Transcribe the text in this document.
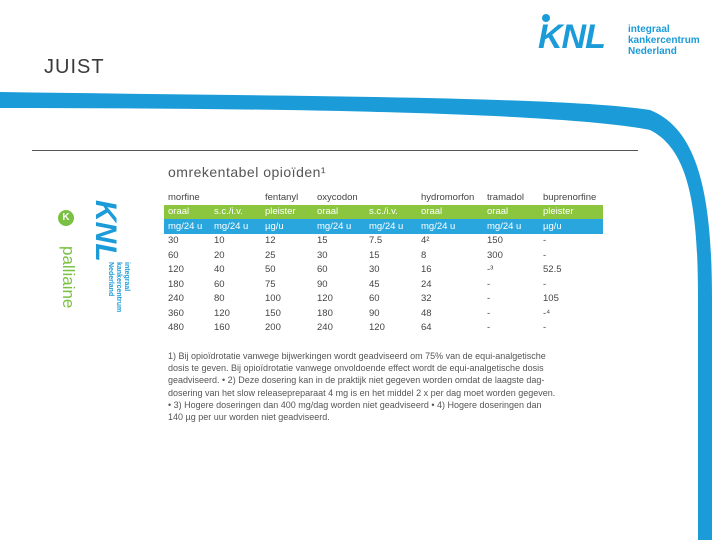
JUIST
KNL integraal
kankercentrum
Nederland
K KNL
integraal
kankercentrum
Nederland
palliaine
omrekentabel opioïden¹
morfine		fentanyl	oxycodon		hydromorfon	tramadol	buprenorfine
oraal	s.c./i.v.	pleister	oraal	s.c./i.v.	oraal	oraal	pleister
mg/24 u	mg/24 u	µg/u	mg/24 u	mg/24 u	mg/24 u	mg/24 u	µg/u
30	10	12	15	7.5	4²	150	-
60	20	25	30	15	8	300	-
120	40	50	60	30	16	-³	52.5
180	60	75	90	45	24	-	-
240	80	100	120	60	32	-	105
360	120	150	180	90	48	-	-⁴
480	160	200	240	120	64	-	-
1) Bij opioïdrotatie vanwege bijwerkingen wordt geadviseerd om 75% van de equi-analgetische
dosis te geven. Bij opioïdrotatie vanwege onvoldoende effect wordt de equi-analgetische dosis
geadviseerd. • 2) Deze dosering kan in de praktijk niet gegeven worden omdat de laagste dag-
dosering van het slow releasepreparaat 4 mg is en het middel 2 x per dag moet worden gegeven.
• 3) Hogere doseringen dan 400 mg/dag worden niet geadviseerd • 4) Hogere doseringen dan
140 µg per uur worden niet geadviseerd.
